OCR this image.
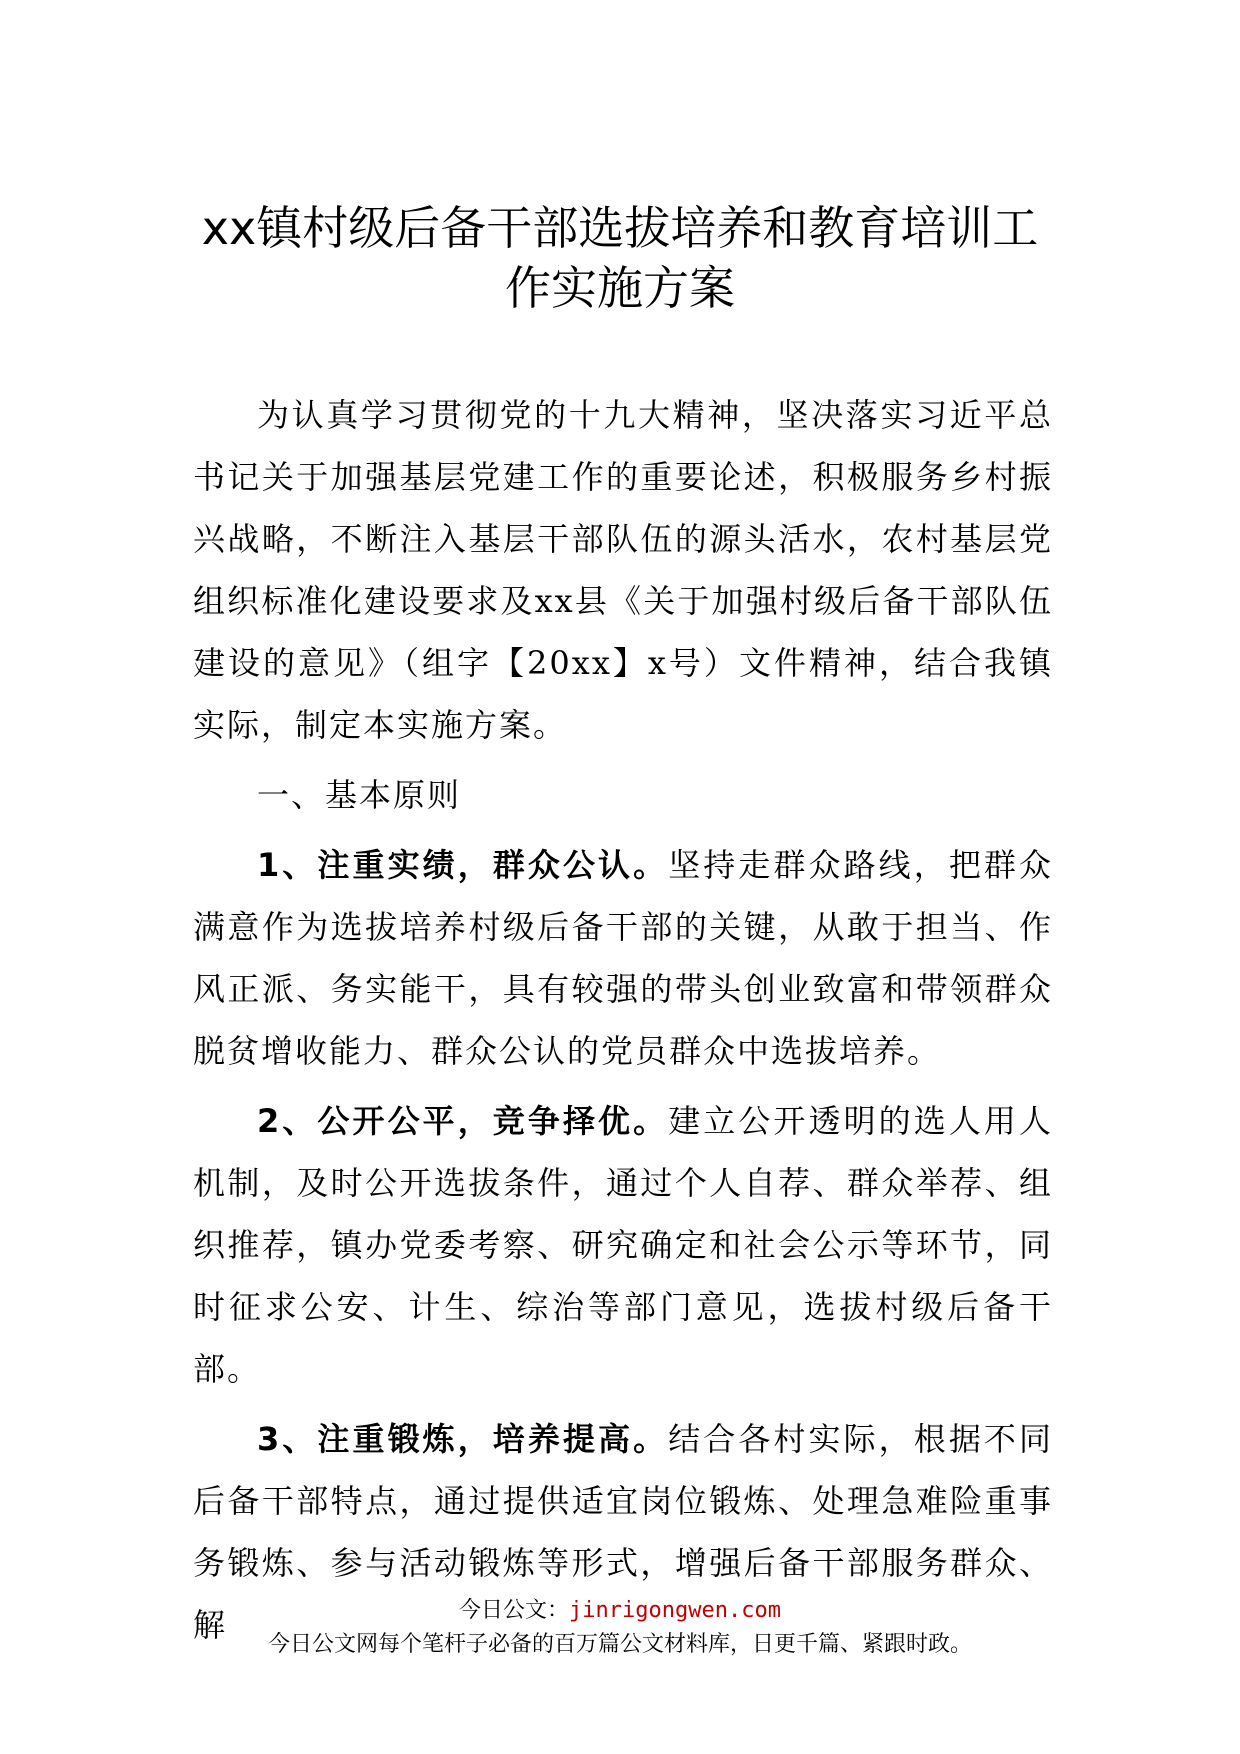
xx镇村级后备干部选拔培养和教育培训工
作实施方案

为认真学习贯彻党的十九大精神，坚决落实习近平总书记关于加强基层党建工作的重要论述，积极服务乡村振兴战略，不断注入基层干部队伍的源头活水，农村基层党组织标准化建设要求及xx县《关于加强村级后备干部队伍建设的意见》（组字【20xx】x号）文件精神，结合我镇实际，制定本实施方案。

一、基本原则

1、注重实绩，群众公认。坚持走群众路线，把群众满意作为选拔培养村级后备干部的关键，从敢于担当、作风正派、务实能干，具有较强的带头创业致富和带领群众脱贫增收能力、群众公认的党员群众中选拔培养。

2、公开公平，竞争择优。建立公开透明的选人用人机制，及时公开选拔条件，通过个人自荐、群众举荐、组织推荐，镇办党委考察、研究确定和社会公示等环节，同时征求公安、计生、综治等部门意见，选拔村级后备干部。

3、注重锻炼，培养提高。结合各村实际，根据不同后备干部特点，通过提供适宜岗位锻炼、处理急难险重事务锻炼、参与活动锻炼等形式，增强后备干部服务群众、解	今日公文：jinrigongwen.com
今日公文网每个笔杆子必备的百万篇公文材料库，日更千篇、紧跟时政。
